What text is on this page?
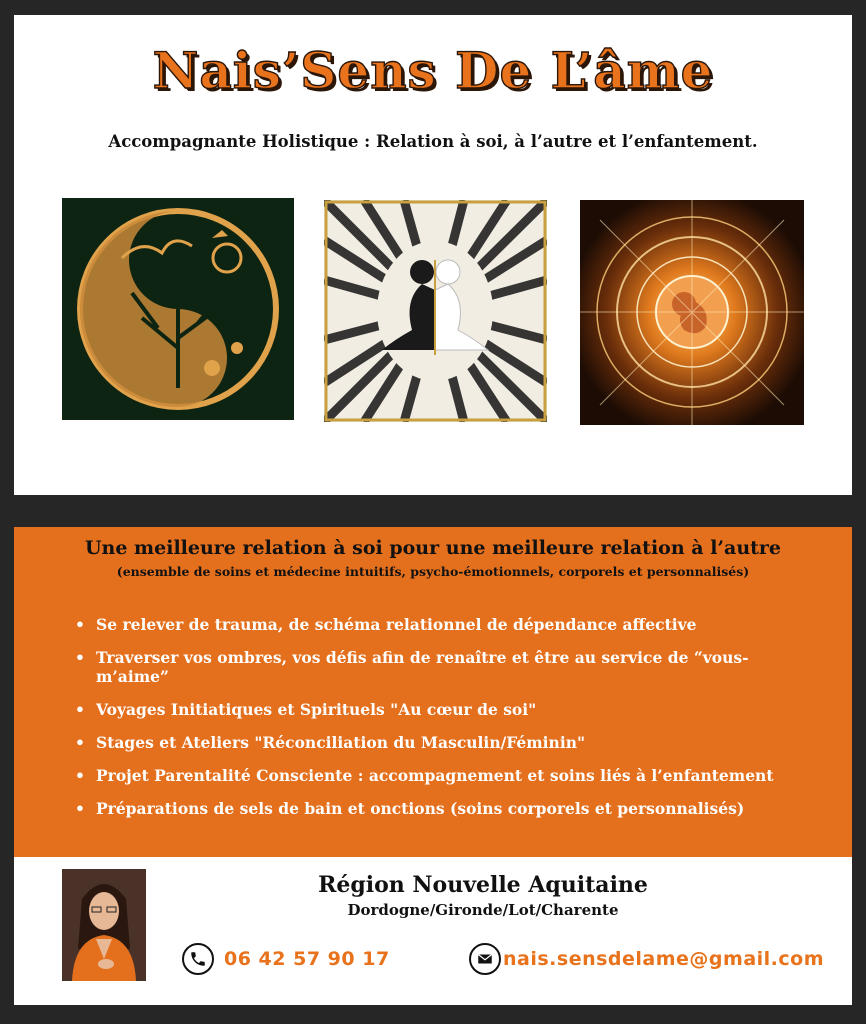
Nais’Sens De L’âme
Accompagnante Holistique : Relation à soi, à l’autre et l’enfantement.
Une meilleure relation à soi pour une meilleure relation à l’autre
(ensemble de soins et médecine intuitifs, psycho-émotionnels, corporels et personnalisés)
• Se relever de trauma, de schéma relationnel de dépendance affective
• Traverser vos ombres, vos défis afin de renaître et être au service de “vous-m’aime”
• Voyages Initiatiques et Spirituels "Au cœur de soi"
• Stages et Ateliers "Réconciliation du Masculin/Féminin"
• Projet Parentalité Consciente : accompagnement et soins liés à l’enfantement
• Préparations de sels de bain et onctions (soins corporels et personnalisés)
Région Nouvelle Aquitaine
Dordogne/Gironde/Lot/Charente
06 42 57 90 17	nais.sensdelame@gmail.com
